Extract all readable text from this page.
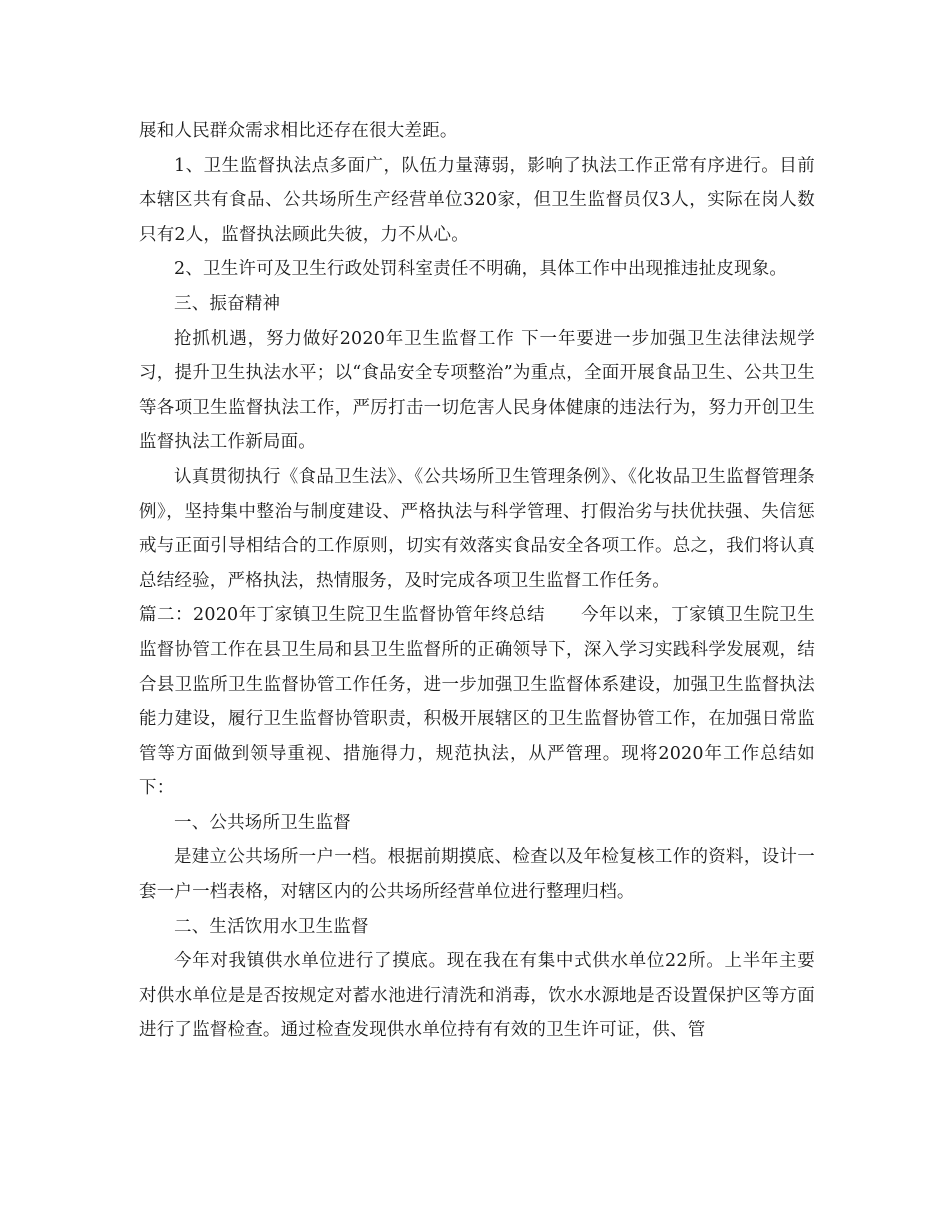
展和人民群众需求相比还存在很大差距。

1、卫生监督执法点多面广，队伍力量薄弱，影响了执法工作正常有序进行。目前本辖区共有食品、公共场所生产经营单位320家，但卫生监督员仅3人，实际在岗人数只有2人，监督执法顾此失彼，力不从心。

2、卫生许可及卫生行政处罚科室责任不明确，具体工作中出现推违扯皮现象。

三、振奋精神

抢抓机遇，努力做好2020年卫生监督工作 下一年要进一步加强卫生法律法规学习，提升卫生执法水平；以“食品安全专项整治”为重点，全面开展食品卫生、公共卫生等各项卫生监督执法工作，严厉打击一切危害人民身体健康的违法行为，努力开创卫生监督执法工作新局面。

认真贯彻执行《食品卫生法》、《公共场所卫生管理条例》、《化妆品卫生监督管理条例》，坚持集中整治与制度建设、严格执法与科学管理、打假治劣与扶优扶强、失信惩戒与正面引导相结合的工作原则，切实有效落实食品安全各项工作。总之，我们将认真总结经验，严格执法，热情服务，及时完成各项卫生监督工作任务。

篇二：2020年丁家镇卫生院卫生监督协管年终总结　　今年以来，丁家镇卫生院卫生监督协管工作在县卫生局和县卫生监督所的正确领导下，深入学习实践科学发展观，结合县卫监所卫生监督协管工作任务，进一步加强卫生监督体系建设，加强卫生监督执法能力建设，履行卫生监督协管职责，积极开展辖区的卫生监督协管工作，在加强日常监管等方面做到领导重视、措施得力，规范执法，从严管理。现将2020年工作总结如下：

一、公共场所卫生监督

是建立公共场所一户一档。根据前期摸底、检查以及年检复核工作的资料，设计一套一户一档表格，对辖区内的公共场所经营单位进行整理归档。

二、生活饮用水卫生监督

今年对我镇供水单位进行了摸底。现在我在有集中式供水单位22所。上半年主要对供水单位是是否按规定对蓄水池进行清洗和消毒，饮水水源地是否设置保护区等方面进行了监督检查。通过检查发现供水单位持有有效的卫生许可证，供、管
